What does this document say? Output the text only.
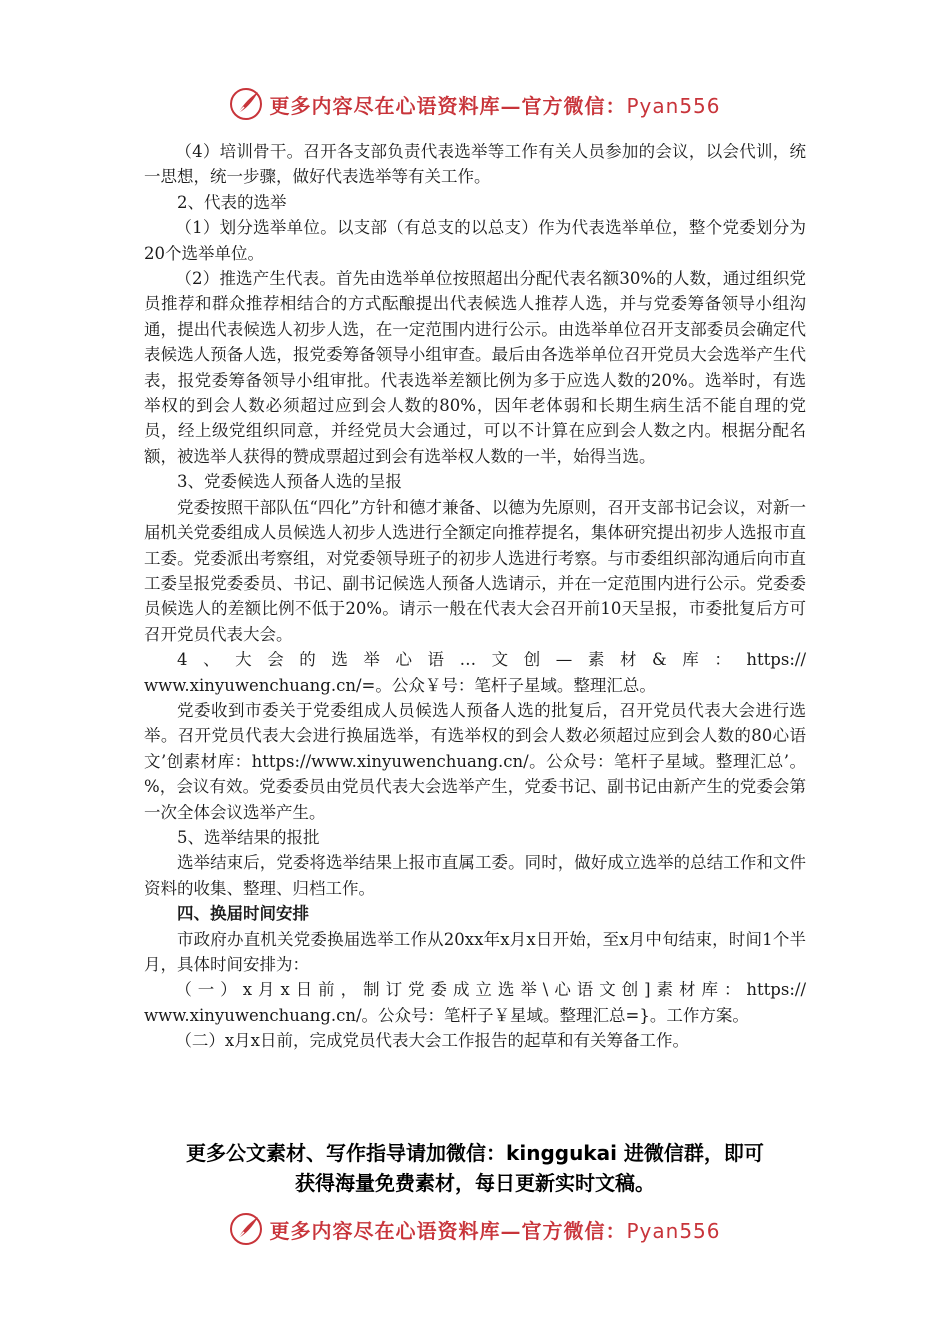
更多内容尽在心语资料库—官方微信：Pyan556

（4）培训骨干。召开各支部负责代表选举等工作有关人员参加的会议，以会代训，统一思想，统一步骤，做好代表选举等有关工作。

2、代表的选举

（1）划分选举单位。以支部（有总支的以总支）作为代表选举单位，整个党委划分为20个选举单位。

（2）推选产生代表。首先由选举单位按照超出分配代表名额30%的人数，通过组织党员推荐和群众推荐相结合的方式酝酿提出代表候选人推荐人选，并与党委筹备领导小组沟通，提出代表候选人初步人选，在一定范围内进行公示。由选举单位召开支部委员会确定代表候选人预备人选，报党委筹备领导小组审查。最后由各选举单位召开党员大会选举产生代表，报党委筹备领导小组审批。代表选举差额比例为多于应选人数的20%。选举时，有选举权的到会人数必须超过应到会人数的80%，因年老体弱和长期生病生活不能自理的党员，经上级党组织同意，并经党员大会通过，可以不计算在应到会人数之内。根据分配名额，被选举人获得的赞成票超过到会有选举权人数的一半，始得当选。

3、党委候选人预备人选的呈报

党委按照干部队伍“四化”方针和德才兼备、以德为先原则，召开支部书记会议，对新一届机关党委组成人员候选人初步人选进行全额定向推荐提名，集体研究提出初步人选报市直工委。党委派出考察组，对党委领导班子的初步人选进行考察。与市委组织部沟通后向市直工委呈报党委委员、书记、副书记候选人预备人选请示，并在一定范围内进行公示。党委委员候选人的差额比例不低于20%。请示一般在代表大会召开前10天呈报，市委批复后方可召开党员代表大会。

4、大会的选举心语…文创—素材&库：https://

www.xinyuwenchuang.cn/=。公众￥号：笔杆子星域。整理汇总。

党委收到市委关于党委组成人员候选人预备人选的批复后，召开党员代表大会进行选举。召开党员代表大会进行换届选举，有选举权的到会人数必须超过应到会人数的80心语文’创素材库：https://www.xinyuwenchuang.cn/。公众号：笔杆子星域。整理汇总’。%，会议有效。党委委员由党员代表大会选举产生，党委书记、副书记由新产生的党委会第一次全体会议选举产生。

5、选举结果的报批

选举结束后，党委将选举结果上报市直属工委。同时，做好成立选举的总结工作和文件资料的收集、整理、归档工作。

四、换届时间安排

市政府办直机关党委换届选举工作从20xx年x月x日开始，至x月中旬结束，时间1个半月，具体时间安排为：

（一）x月x日前，制订党委成立选举\心语文创]素材库：https://

www.xinyuwenchuang.cn/。公众号：笔杆子￥星域。整理汇总=}。工作方案。

（二）x月x日前，完成党员代表大会工作报告的起草和有关筹备工作。

更多公文素材、写作指导请加微信：kinggukai 进微信群，即可
获得海量免费素材，每日更新实时文稿。
更多内容尽在心语资料库—官方微信：Pyan556
